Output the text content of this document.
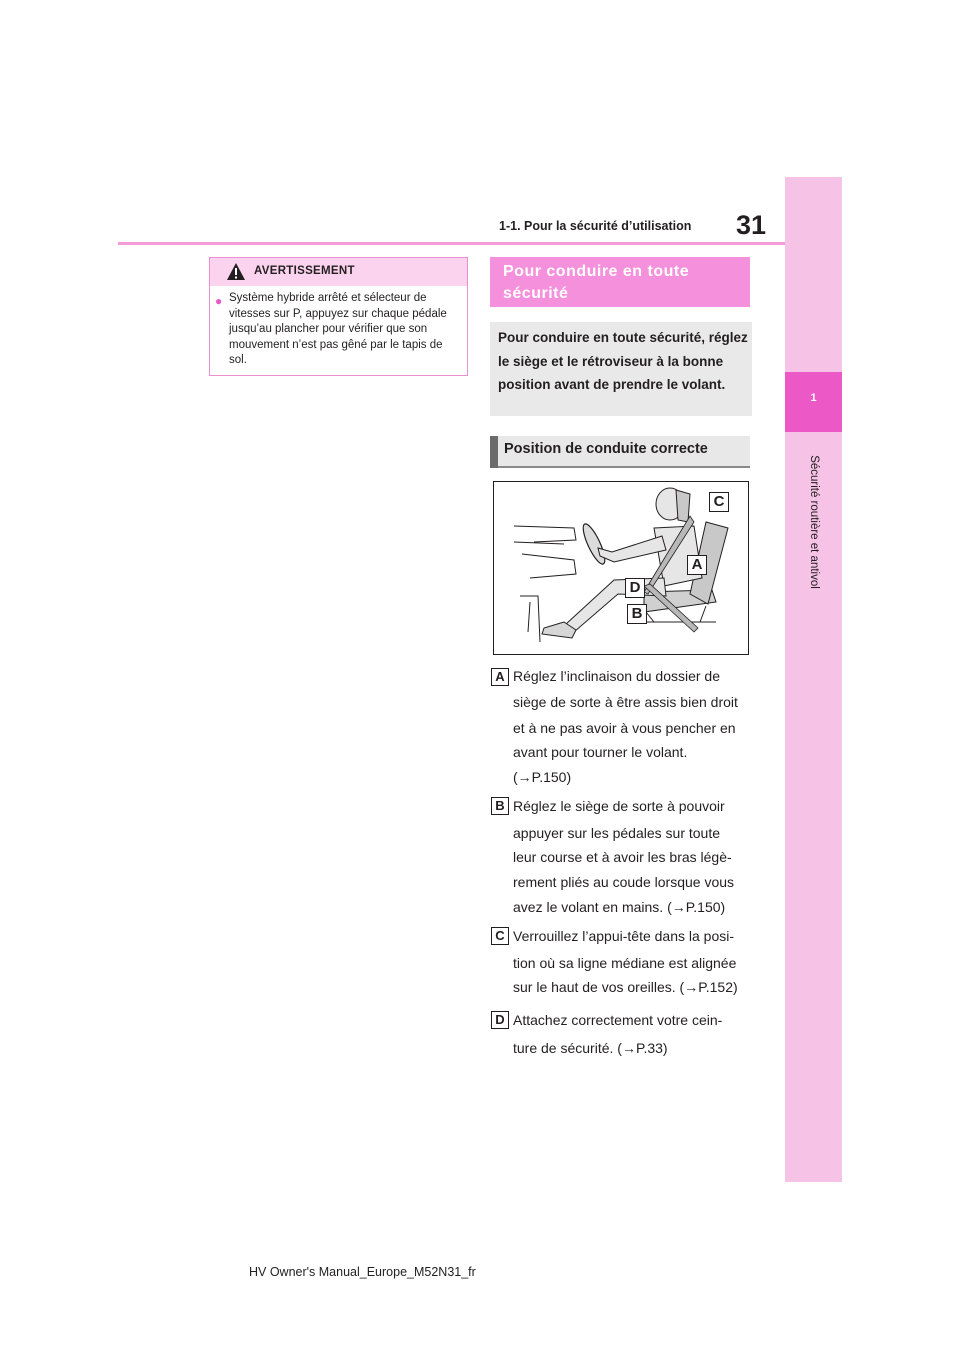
1-1. Pour la sécurité d’utilisation 31
1
Sécurité routière et antivol
AVERTISSEMENT
● Système hybride arrêté et sélecteur de vitesses sur P, appuyez sur chaque pédale jusqu’au plancher pour vérifier que son mouvement n’est pas gêné par le tapis de sol.
Pour conduire en toute sécurité
Pour conduire en toute sécurité, réglez le siège et le rétroviseur à la bonne position avant de prendre le volant.
Position de conduite correcte
C
A
D
B
A Réglez l’inclinaison du dossier de
siège de sorte à être assis bien droit
et à ne pas avoir à vous pencher en
avant pour tourner le volant.
(→P.150)
B Réglez le siège de sorte à pouvoir
appuyer sur les pédales sur toute
leur course et à avoir les bras légè-
rement pliés au coude lorsque vous
avez le volant en mains. (→P.150)
C Verrouillez l’appui-tête dans la posi-
tion où sa ligne médiane est alignée
sur le haut de vos oreilles. (→P.152)
D Attachez correctement votre cein-
ture de sécurité. (→P.33)
HV Owner's Manual_Europe_M52N31_fr
